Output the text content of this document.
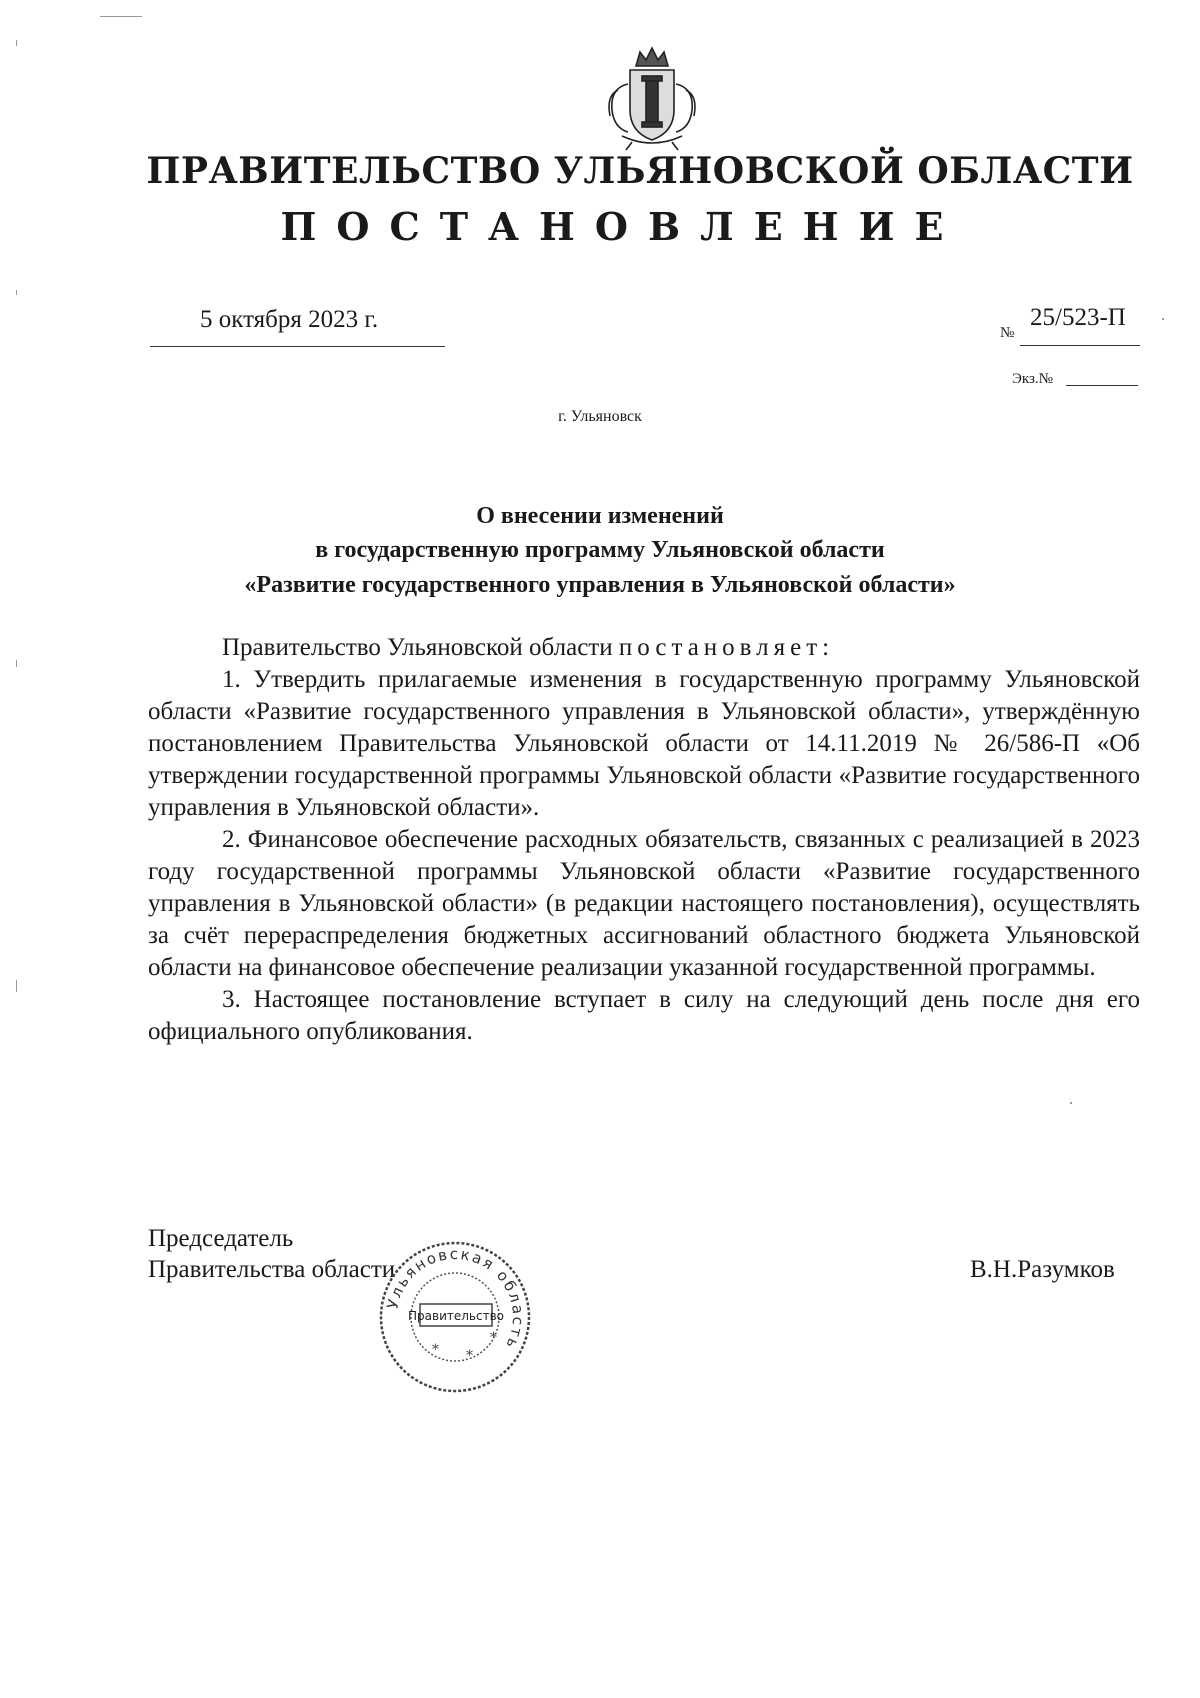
ПРАВИТЕЛЬСТВО УЛЬЯНОВСКОЙ ОБЛАСТИ
ПОСТАНОВЛЕНИЕ
5 октября 2023 г.	№
25/523-П
Экз.№
г. Ульяновск
О внесении изменений
в государственную программу Ульяновской области
«Развитие государственного управления в Ульяновской области»

Правительство Ульяновской области постановляет:

1. Утвердить прилагаемые изменения в государственную программу Ульяновской области «Развитие государственного управления в Ульяновской области», утверждённую постановлением Правительства Ульяновской области от 14.11.2019 № 26/586-П «Об утверждении государственной программы Ульяновской области «Развитие государственного управления в Ульяновской области».

2. Финансовое обеспечение расходных обязательств, связанных с реализацией в 2023 году государственной программы Ульяновской области «Развитие государственного управления в Ульяновской области» (в редакции настоящего постановления), осуществлять за счёт перераспределения бюджетных ассигнований областного бюджета Ульяновской области на финансовое обеспечение реализации указанной государственной программы.

3. Настоящее постановление вступает в силу на следующий день после дня его официального опубликования.

Председатель
Правительства области	В.Н.Разумков
Ульяновская область
Правительство
* *
*
